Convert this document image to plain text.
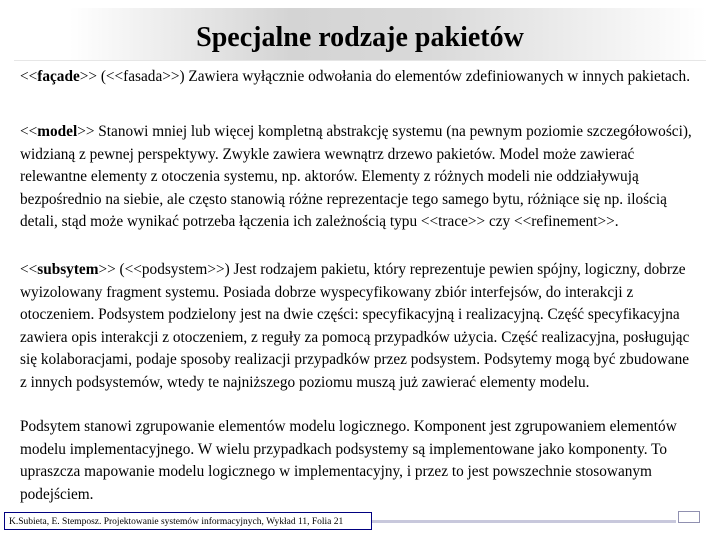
Specjalne rodzaje pakietów

<<façade>> (<<fasada>>) Zawiera wyłącznie odwołania do elementów zdefiniowanych w innych pakietach.

<<model>> Stanowi mniej lub więcej kompletną abstrakcję systemu (na pewnym poziomie szczegółowości), widzianą z pewnej perspektywy. Zwykle zawiera wewnątrz drzewo pakietów. Model może zawierać relewantne elementy z otoczenia systemu, np. aktorów. Elementy z różnych modeli nie oddziaływują bezpośrednio na siebie, ale często stanowią różne reprezentacje tego samego bytu, różniące się np. ilością detali, stąd może wynikać potrzeba łączenia ich zależnością typu <<trace>> czy <<refinement>>.

<<subsytem>> (<<podsystem>>) Jest rodzajem pakietu, który reprezentuje pewien spójny, logiczny, dobrze wyizolowany fragment systemu. Posiada dobrze wyspecyfikowany zbiór interfejsów, do interakcji z otoczeniem. Podsystem podzielony jest na dwie części: specyfikacyjną i realizacyjną. Część specyfikacyjna zawiera opis interakcji z otoczeniem, z reguły za pomocą przypadków użycia. Część realizacyjna, posługując się kolaboracjami, podaje sposoby realizacji przypadków przez podsystem. Podsytemy mogą być zbudowane z innych podsystemów, wtedy te najniższego poziomu muszą już zawierać elementy modelu.

Podsytem stanowi zgrupowanie elementów modelu logicznego. Komponent jest zgrupowaniem elementów modelu implementacyjnego. W wielu przypadkach podsystemy są implementowane jako komponenty. To upraszcza mapowanie modelu logicznego w implementacyjny, i przez to jest powszechnie stosowanym podejściem.

K.Subieta, E. Stemposz. Projektowanie systemów informacyjnych, Wykład 11, Folia 21
